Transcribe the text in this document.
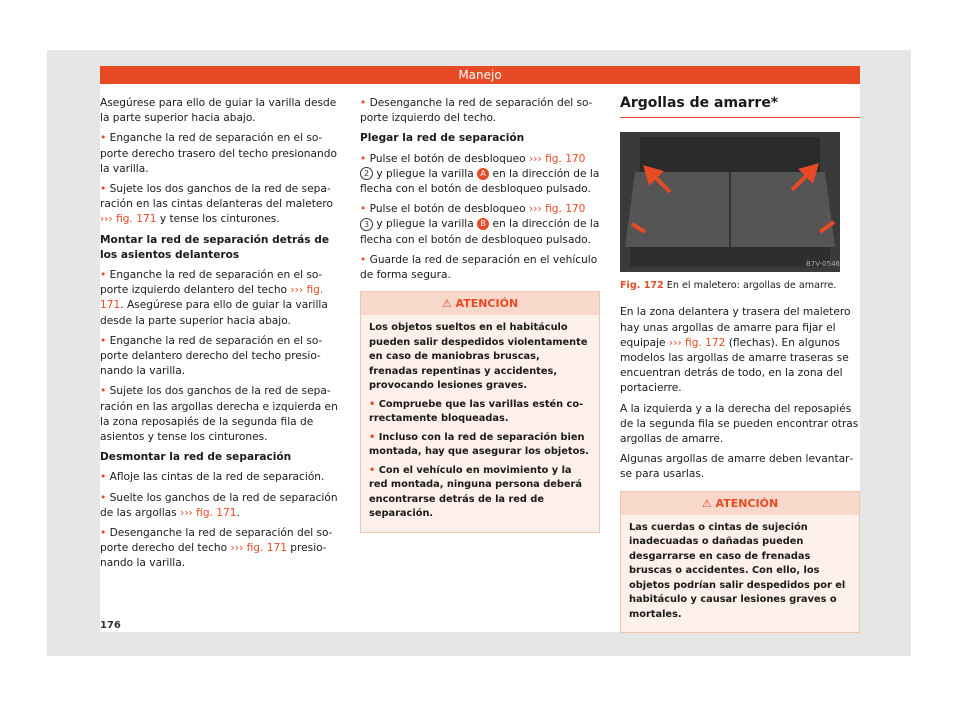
Manejo

Asegúrese para ello de guiar la varilla desde la parte superior hacia abajo.

• Enganche la red de separación en el soporte derecho trasero del techo presionando la varilla.

• Sujete los dos ganchos de la red de separación en las cintas delanteras del maletero ››› fig. 171 y tense los cinturones.

Montar la red de separación detrás de los asientos delanteros

• Enganche la red de separación en el soporte izquierdo delantero del techo ››› fig. 171. Asegúrese para ello de guiar la varilla desde la parte superior hacia abajo.

• Enganche la red de separación en el soporte delantero derecho del techo presionando la varilla.

• Sujete los dos ganchos de la red de separación en las argollas derecha e izquierda en la zona reposapiés de la segunda fila de asientos y tense los cinturones.

Desmontar la red de separación

• Afloje las cintas de la red de separación.

• Suelte los ganchos de la red de separación de las argollas ››› fig. 171.

• Desenganche la red de separación del soporte derecho del techo ››› fig. 171 presionando la varilla.

• Desenganche la red de separación del soporte izquierdo del techo.

Plegar la red de separación

• Pulse el botón de desbloqueo ››› fig. 170 2 y pliegue la varilla A en la dirección de la flecha con el botón de desbloqueo pulsado.

• Pulse el botón de desbloqueo ››› fig. 170 3 y pliegue la varilla B en la dirección de la flecha con el botón de desbloqueo pulsado.

• Guarde la red de separación en el vehículo de forma segura.

⚠ ATENCIÓN

Los objetos sueltos en el habitáculo pueden salir despedidos violentamente en caso de maniobras bruscas, frenadas repentinas y accidentes, provocando lesiones graves.

• Compruebe que las varillas estén correctamente bloqueadas.

• Incluso con la red de separación bien montada, hay que asegurar los objetos.

• Con el vehículo en movimiento y la red montada, ninguna persona deberá encontrarse detrás de la red de separación.

Argollas de amarre*
B7V-0546
Fig. 172 En el maletero: argollas de amarre.

En la zona delantera y trasera del maletero hay unas argollas de amarre para fijar el equipaje ››› fig. 172 (flechas). En algunos modelos las argollas de amarre traseras se encuentran detrás de todo, en la zona del portacierre.

A la izquierda y a la derecha del reposapiés de la segunda fila se pueden encontrar otras argollas de amarre.

Algunas argollas de amarre deben levantarse para usarlas.

⚠ ATENCIÓN

Las cuerdas o cintas de sujeción inadecuadas o dañadas pueden desgarrarse en caso de frenadas bruscas o accidentes. Con ello, los objetos podrían salir despedidos por el habitáculo y causar lesiones graves o mortales.

176
